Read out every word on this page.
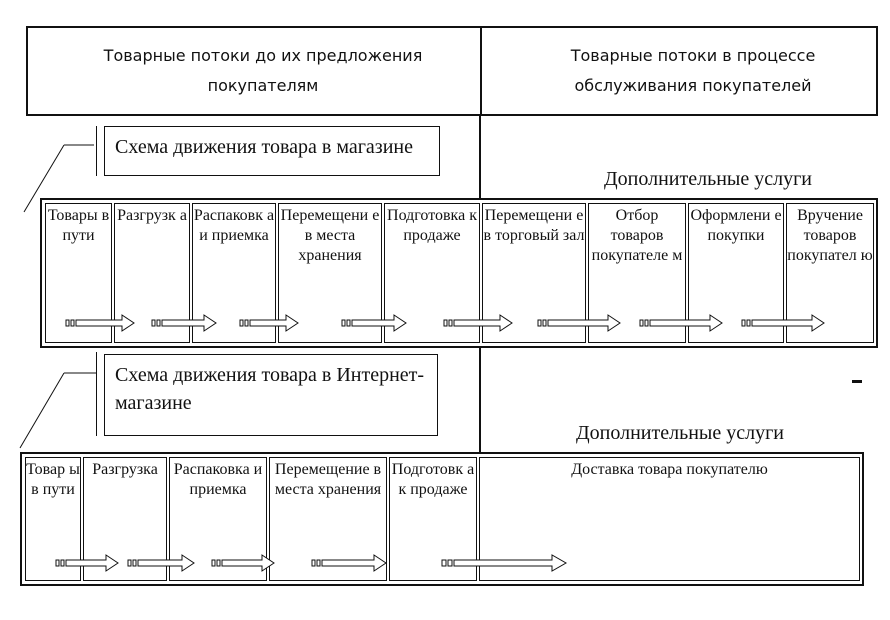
Товарные потоки до их предложения покупателям
Товарные потоки в процессе обслуживания покупателей
Схема движения товара в магазине
Дополнительные услуги
Товары в пути
Разгрузк а Распаковк а и приемка
Перемещени е в места хранения
Подготовка к продаже
Перемещени е в торговый зал
Отбор товаров покупателе м
Оформлени е покупки
Вручение товаров покупател ю
Схема движения товара в Интернет-магазине
Дополнительные услуги
Товар ы в пути
Разгрузка Распаковка и приемка
Перемещение в места хранения
Подготовк а к продаже
Доставка товара покупателю
